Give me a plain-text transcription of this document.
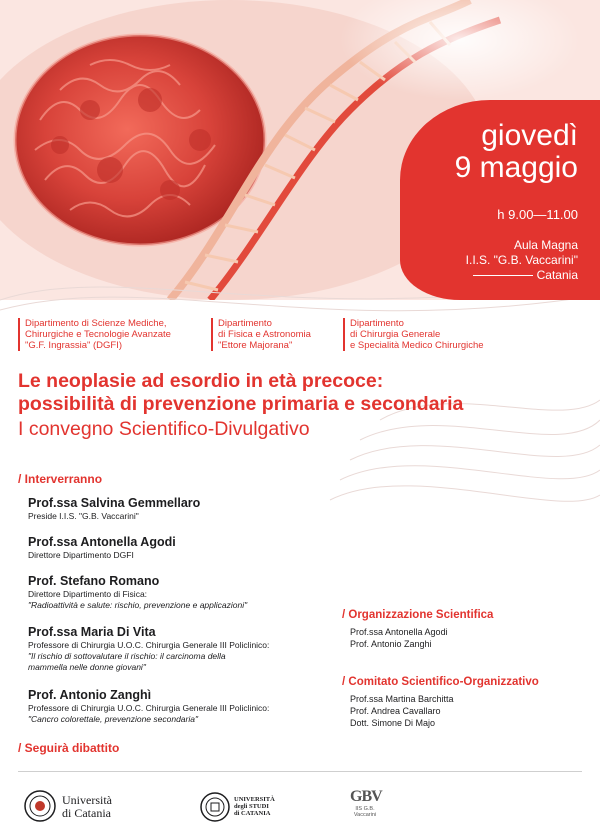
giovedì
9 maggio
h 9.00—11.00
Aula Magna
I.I.S. "G.B. Vaccarini"
Catania
Dipartimento di Scienze Mediche,
Chirurgiche e Tecnologie Avanzate
"G.F. Ingrassia" (DGFI)
Dipartimento
di Fisica e Astronomia
"Ettore Majorana"
Dipartimento
di Chirurgia Generale
e Specialità Medico Chirurgiche
Le neoplasie ad esordio in età precoce:
possibilità di prevenzione primaria e secondaria
I convegno Scientifico-Divulgativo
/ Interverranno
Prof.ssa Salvina Gemmellaro
Preside I.I.S. "G.B. Vaccarini"
Prof.ssa Antonella Agodi
Direttore Dipartimento DGFI
Prof. Stefano Romano
Direttore Dipartimento di Fisica:
"Radioattività e salute: rischio, prevenzione e applicazioni"
Prof.ssa Maria Di Vita
Professore di Chirurgia U.O.C. Chirurgia Generale III Policlinico:
"Il rischio di sottovalutare il rischio: il carcinoma della
mammella nelle donne giovani"
Prof. Antonio Zanghì
Professore di Chirurgia U.O.C. Chirurgia Generale III Policlinico:
"Cancro colorettale, prevenzione secondaria"
/ Seguirà dibattito
/ Organizzazione Scientifica
Prof.ssa Antonella Agodi
Prof. Antonio Zanghi
/ Comitato Scientifico-Organizzativo
Prof.ssa Martina Barchitta
Prof. Andrea Cavallaro
Dott. Simone Di Majo
Università
di Catania
UNIVERSITÀ
degli STUDI
di CATANIA
GBV
IIS G.B.
Vaccarini
